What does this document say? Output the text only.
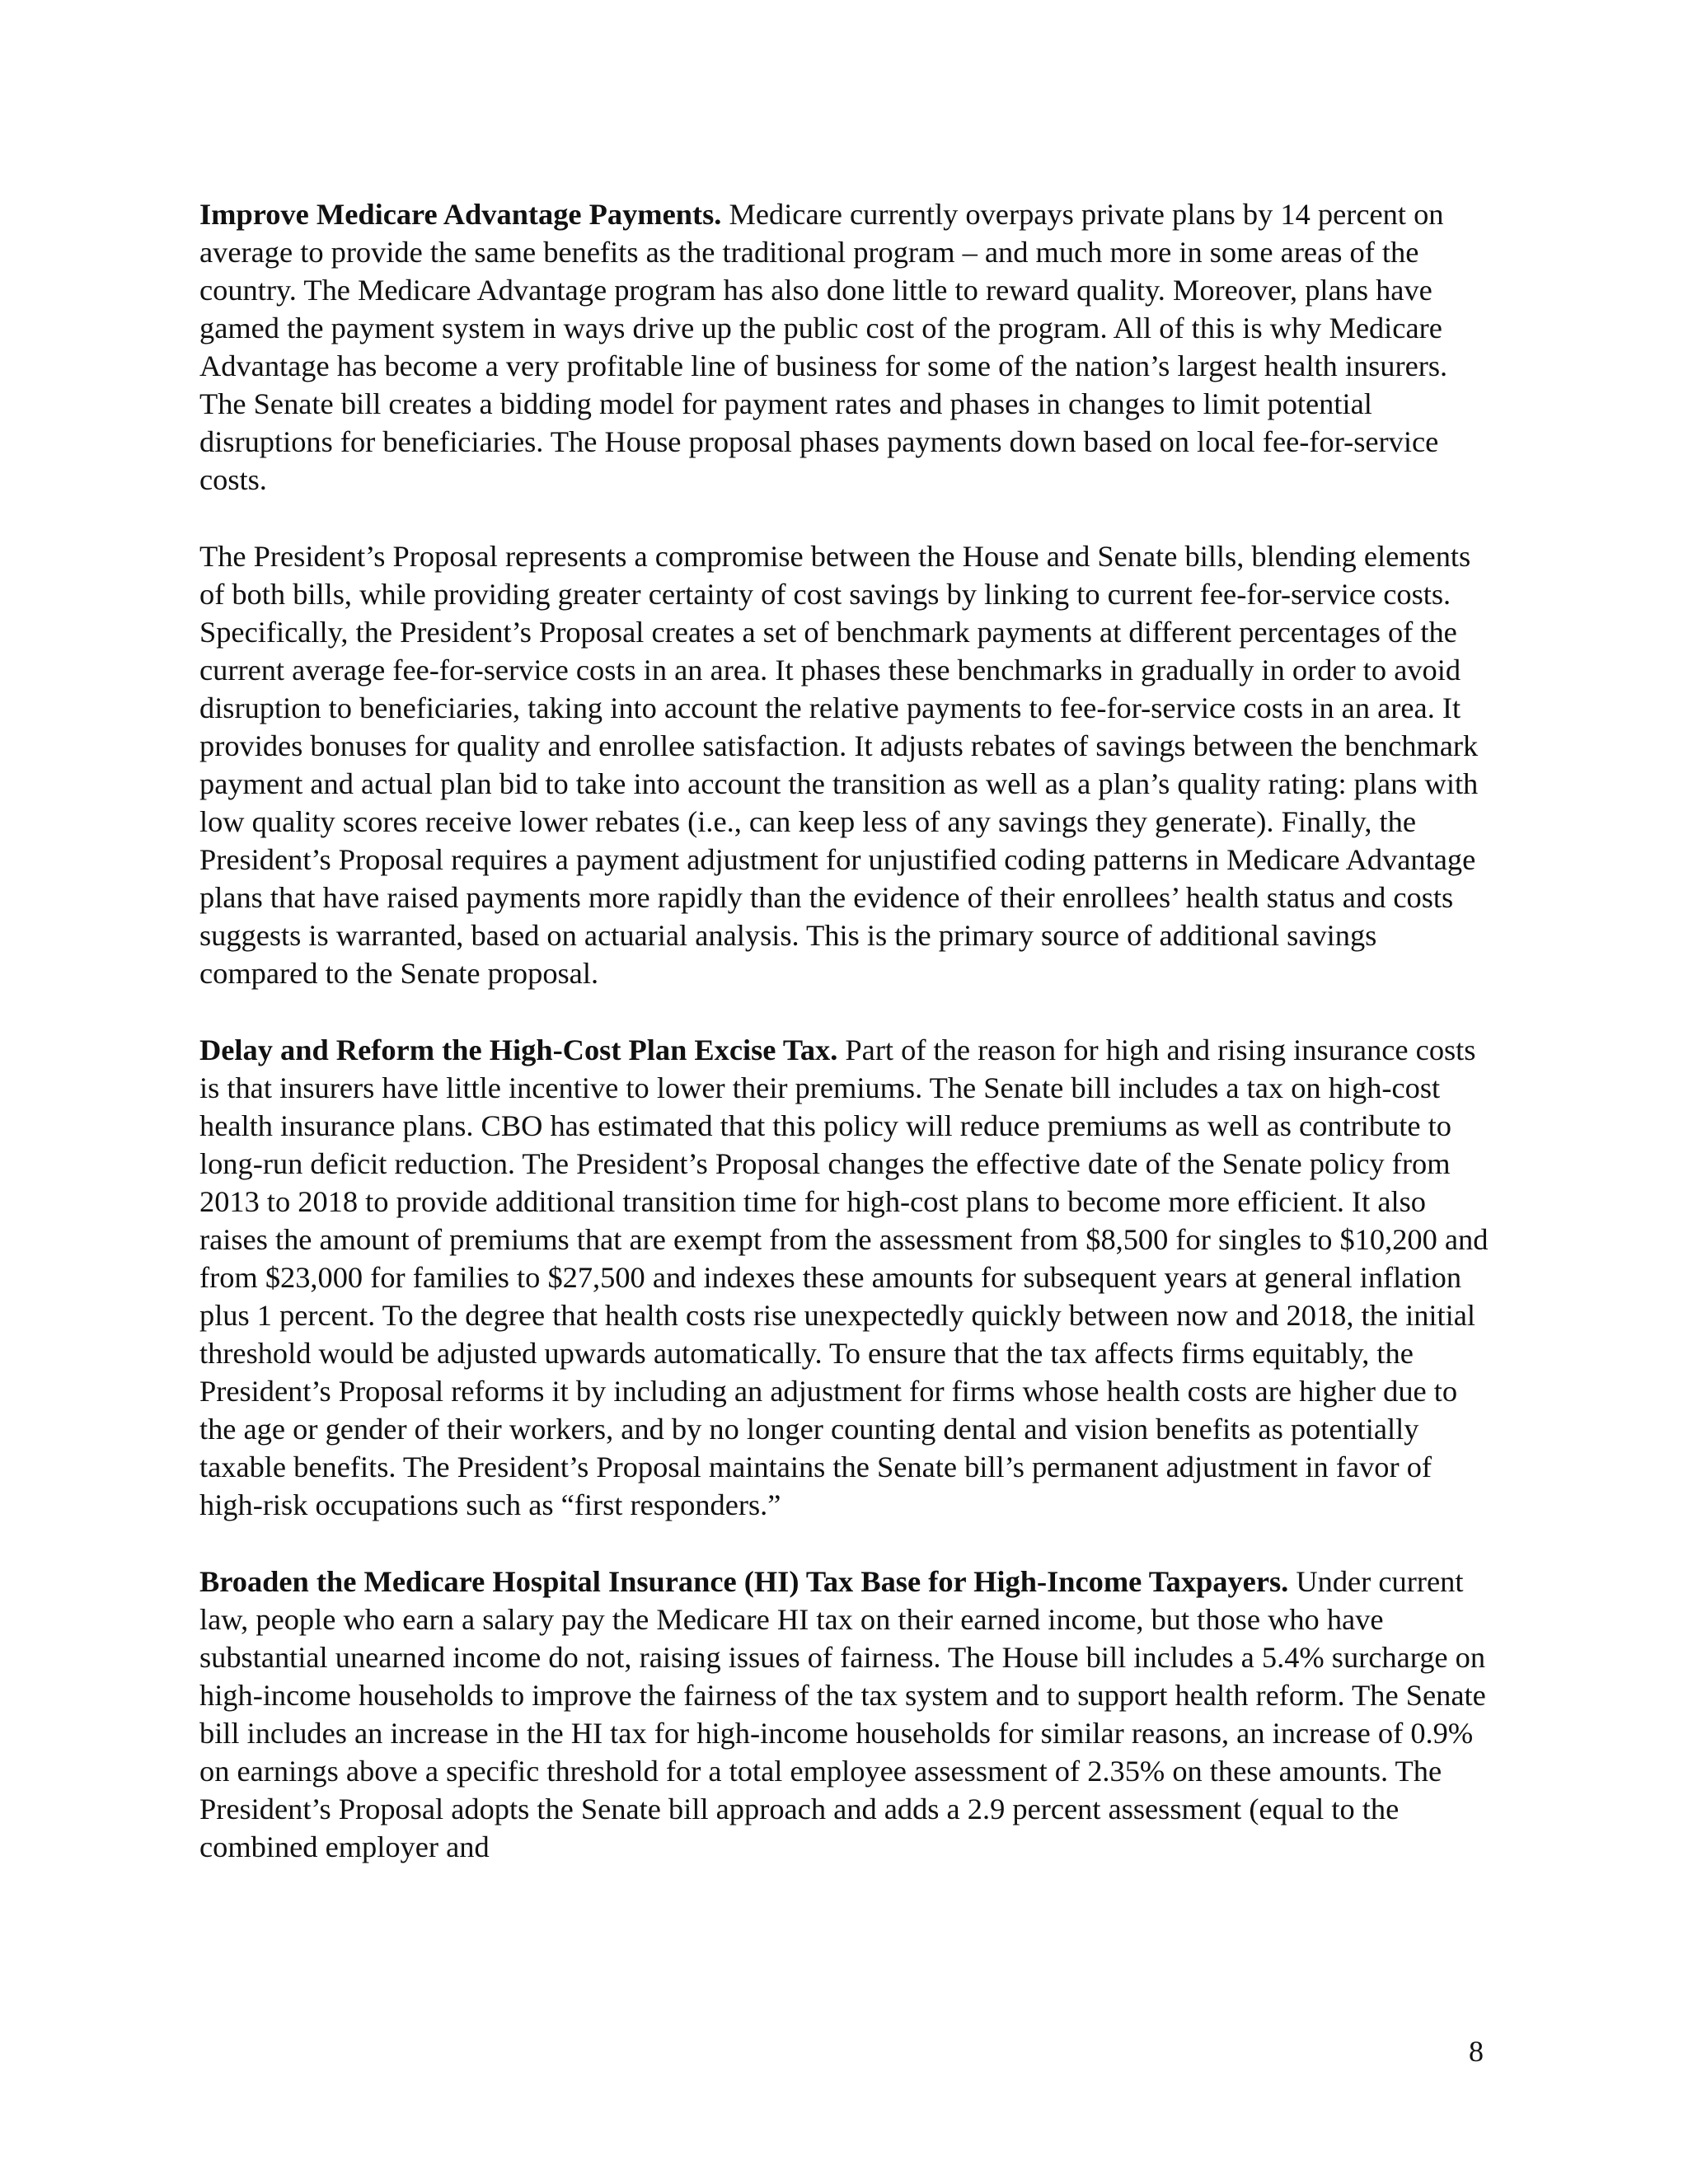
Improve Medicare Advantage Payments. Medicare currently overpays private plans by 14 percent on average to provide the same benefits as the traditional program – and much more in some areas of the country. The Medicare Advantage program has also done little to reward quality. Moreover, plans have gamed the payment system in ways drive up the public cost of the program. All of this is why Medicare Advantage has become a very profitable line of business for some of the nation’s largest health insurers. The Senate bill creates a bidding model for payment rates and phases in changes to limit potential disruptions for beneficiaries. The House proposal phases payments down based on local fee-for-service costs.

The President’s Proposal represents a compromise between the House and Senate bills, blending elements of both bills, while providing greater certainty of cost savings by linking to current fee-for-service costs. Specifically, the President’s Proposal creates a set of benchmark payments at different percentages of the current average fee-for-service costs in an area. It phases these benchmarks in gradually in order to avoid disruption to beneficiaries, taking into account the relative payments to fee-for-service costs in an area. It provides bonuses for quality and enrollee satisfaction. It adjusts rebates of savings between the benchmark payment and actual plan bid to take into account the transition as well as a plan’s quality rating: plans with low quality scores receive lower rebates (i.e., can keep less of any savings they generate). Finally, the President’s Proposal requires a payment adjustment for unjustified coding patterns in Medicare Advantage plans that have raised payments more rapidly than the evidence of their enrollees’ health status and costs suggests is warranted, based on actuarial analysis. This is the primary source of additional savings compared to the Senate proposal.

Delay and Reform the High-Cost Plan Excise Tax. Part of the reason for high and rising insurance costs is that insurers have little incentive to lower their premiums. The Senate bill includes a tax on high-cost health insurance plans. CBO has estimated that this policy will reduce premiums as well as contribute to long-run deficit reduction. The President’s Proposal changes the effective date of the Senate policy from 2013 to 2018 to provide additional transition time for high-cost plans to become more efficient. It also raises the amount of premiums that are exempt from the assessment from $8,500 for singles to $10,200 and from $23,000 for families to $27,500 and indexes these amounts for subsequent years at general inflation plus 1 percent. To the degree that health costs rise unexpectedly quickly between now and 2018, the initial threshold would be adjusted upwards automatically. To ensure that the tax affects firms equitably, the President’s Proposal reforms it by including an adjustment for firms whose health costs are higher due to the age or gender of their workers, and by no longer counting dental and vision benefits as potentially taxable benefits. The President’s Proposal maintains the Senate bill’s permanent adjustment in favor of high-risk occupations such as “first responders.”

Broaden the Medicare Hospital Insurance (HI) Tax Base for High-Income Taxpayers. Under current law, people who earn a salary pay the Medicare HI tax on their earned income, but those who have substantial unearned income do not, raising issues of fairness. The House bill includes a 5.4% surcharge on high-income households to improve the fairness of the tax system and to support health reform. The Senate bill includes an increase in the HI tax for high-income households for similar reasons, an increase of 0.9% on earnings above a specific threshold for a total employee assessment of 2.35% on these amounts. The President’s Proposal adopts the Senate bill approach and adds a 2.9 percent assessment (equal to the combined employer and

8
